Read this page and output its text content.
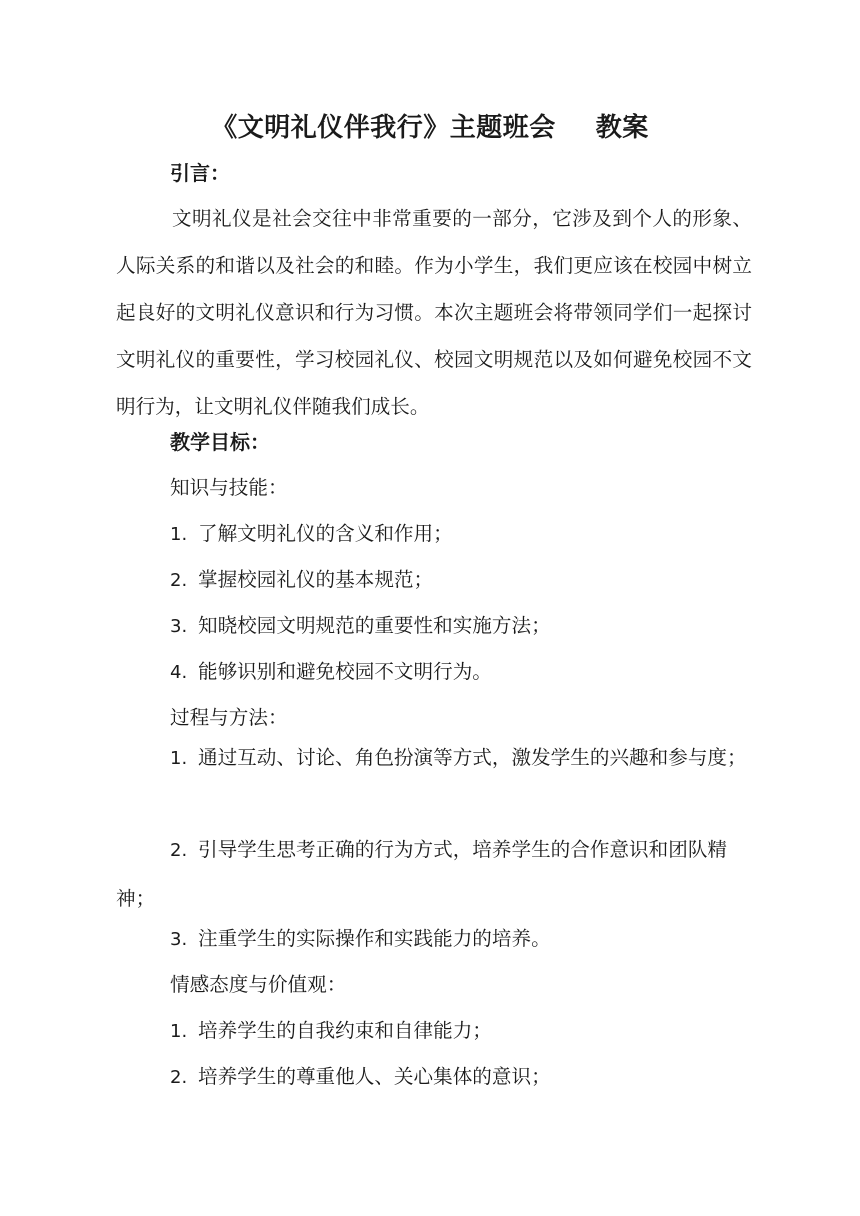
《文明礼仪伴我行》主题班会 教案
引言：
文明礼仪是社会交往中非常重要的一部分，它涉及到个人的形象、人际关系的和谐以及社会的和睦。作为小学生，我们更应该在校园中树立起良好的文明礼仪意识和行为习惯。本次主题班会将带领同学们一起探讨文明礼仪的重要性，学习校园礼仪、校园文明规范以及如何避免校园不文明行为，让文明礼仪伴随我们成长。
教学目标：
知识与技能：
1. 了解文明礼仪的含义和作用；
2. 掌握校园礼仪的基本规范；
3. 知晓校园文明规范的重要性和实施方法；
4. 能够识别和避免校园不文明行为。
过程与方法：
1. 通过互动、讨论、角色扮演等方式，激发学生的兴趣和参与度；
2. 引导学生思考正确的行为方式，培养学生的合作意识和团队精神；
3. 注重学生的实际操作和实践能力的培养。
情感态度与价值观：
1. 培养学生的自我约束和自律能力；
2. 培养学生的尊重他人、关心集体的意识；
